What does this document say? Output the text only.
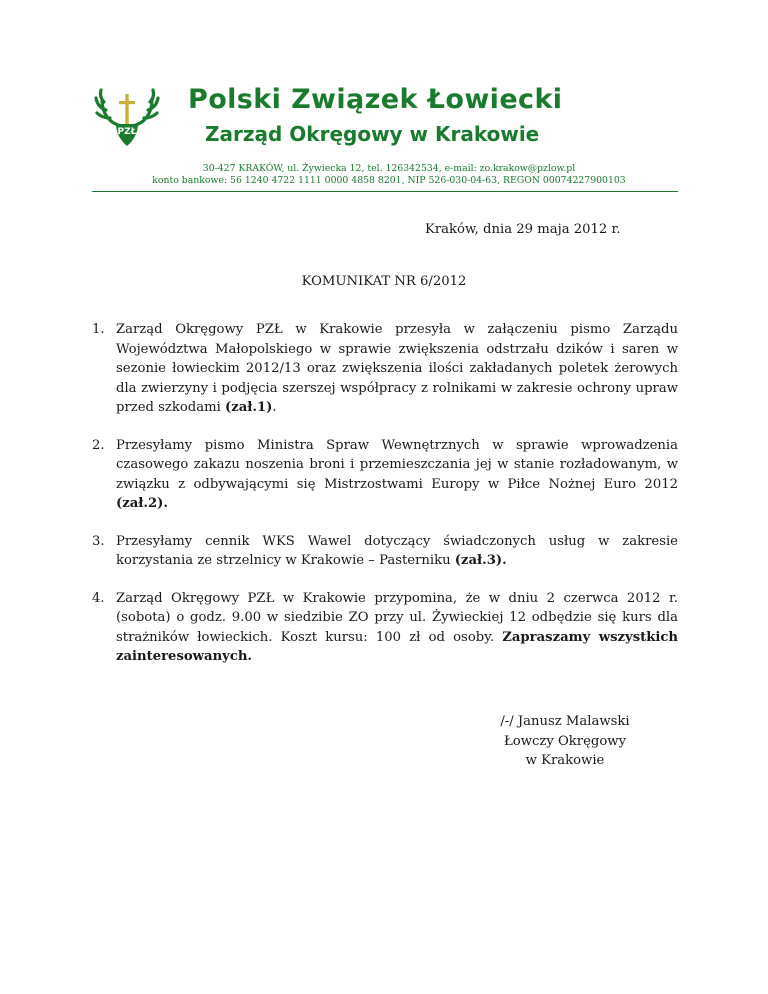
PZŁ
Polski Związek Łowiecki
Zarząd Okręgowy w Krakowie
30-427 KRAKÓW, ul. Żywiecka 12, tel. 126342534, e-mail: zo.krakow@pzlow.pl
konto bankowe: 56 1240 4722 1111 0000 4858 8201, NIP 526-030-04-63, REGON 00074227900103
Kraków, dnia 29 maja 2012 r.
KOMUNIKAT NR 6/2012
1. Zarząd Okręgowy PZŁ w Krakowie przesyła w załączeniu pismo Zarządu Województwa Małopolskiego w sprawie zwiększenia odstrzału dzików i saren w sezonie łowieckim 2012/13 oraz zwiększenia ilości zakładanych poletek żerowych dla zwierzyny i podjęcia szerszej współpracy z rolnikami w zakresie ochrony upraw przed szkodami (zał.1).
2. Przesyłamy pismo Ministra Spraw Wewnętrznych w sprawie wprowadzenia czasowego zakazu noszenia broni i przemieszczania jej w stanie rozładowanym, w związku z odbywającymi się Mistrzostwami Europy w Piłce Nożnej Euro 2012 (zał.2).
3. Przesyłamy cennik WKS Wawel dotyczący świadczonych usług w zakresie korzystania ze strzelnicy w Krakowie – Pasterniku (zał.3).
4. Zarząd Okręgowy PZŁ w Krakowie przypomina, że w dniu 2 czerwca 2012 r. (sobota) o godz. 9.00 w siedzibie ZO przy ul. Żywieckiej 12 odbędzie się kurs dla strażników łowieckich. Koszt kursu: 100 zł od osoby. Zapraszamy wszystkich zainteresowanych.
/-/ Janusz Malawski
Łowczy Okręgowy
w Krakowie
